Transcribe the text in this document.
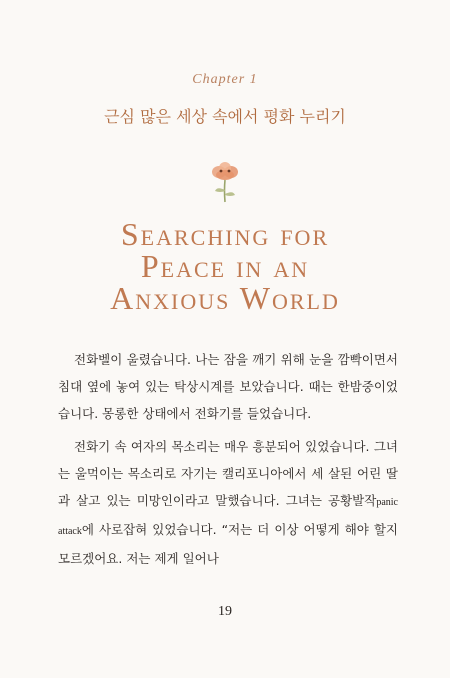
Chapter 1
근심 많은 세상 속에서 평화 누리기
Searching for
Peace in an
Anxious World

전화벨이 울렸습니다. 나는 잠을 깨기 위해 눈을 깜빡이면서 침대 옆에 놓여 있는 탁상시계를 보았습니다. 때는 한밤중이었습니다. 몽롱한 상태에서 전화기를 들었습니다.

전화기 속 여자의 목소리는 매우 흥분되어 있었습니다. 그녀는 울먹이는 목소리로 자기는 캘리포니아에서 세 살된 어린 딸과 살고 있는 미망인이라고 말했습니다. 그녀는 공황발작panic attack에 사로잡혀 있었습니다. “저는 더 이상 어떻게 해야 할지 모르겠어요. 저는 제게 일어나

19
